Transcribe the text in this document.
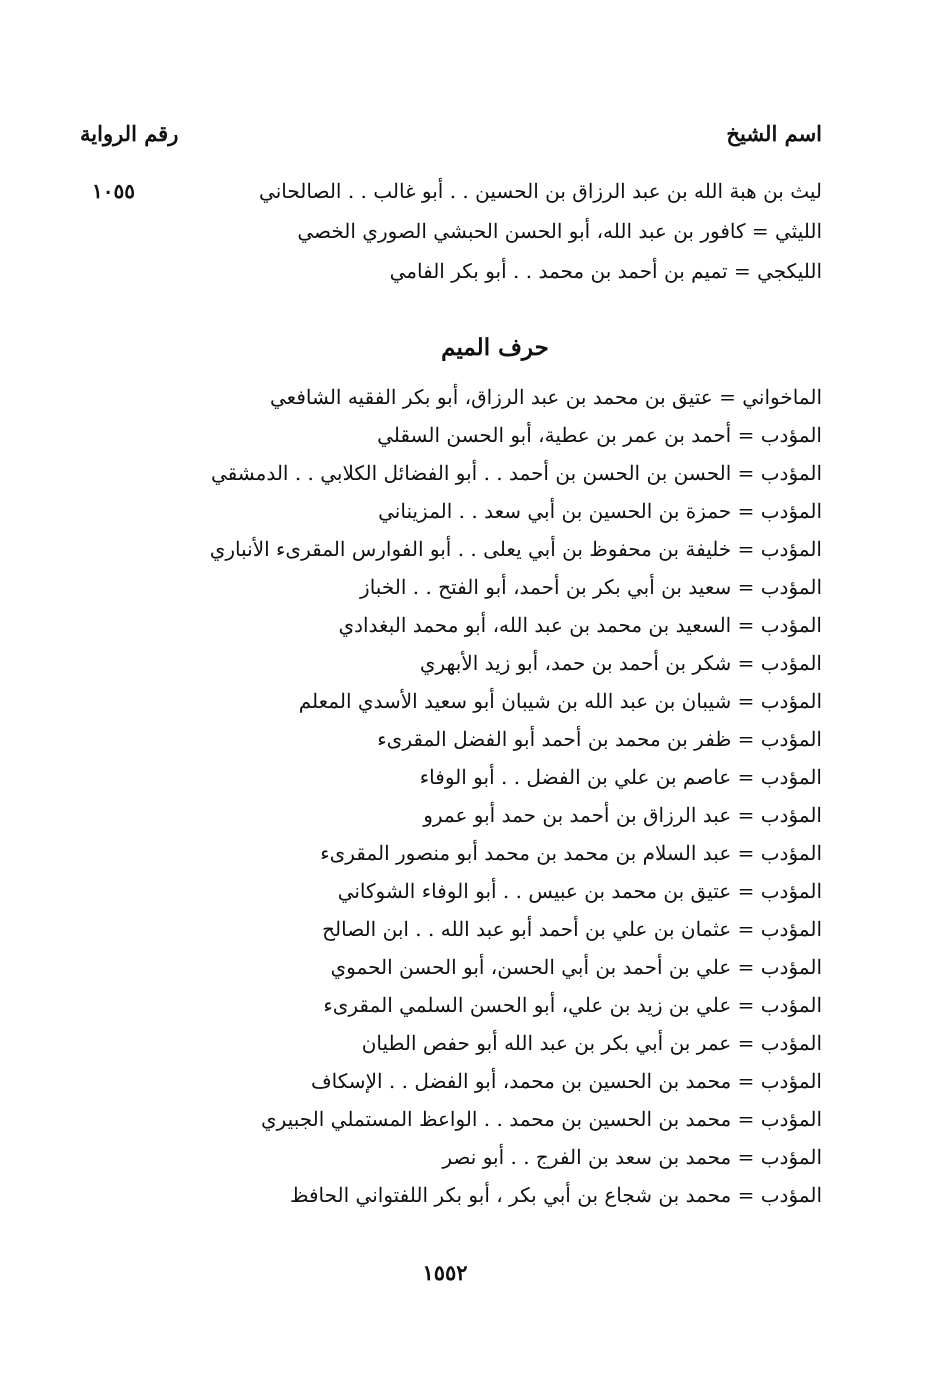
اسم الشيخ
رقم الرواية
ليث بن هبة الله بن عبد الرزاق بن الحسين . . أبو غالب . . الصالحاني
الليثي = كافور بن عبد الله، أبو الحسن الحبشي الصوري الخصي
الليكجي = تميم بن أحمد بن محمد . . أبو بكر الفامي
١٠٥٥
حرف الميم
الماخواني = عتيق بن محمد بن عبد الرزاق، أبو بكر الفقيه الشافعي
المؤدب = أحمد بن عمر بن عطية، أبو الحسن السقلي
المؤدب = الحسن بن الحسن بن أحمد . . أبو الفضائل الكلابي . . الدمشقي
المؤدب = حمزة بن الحسين بن أبي سعد . . المزيناني
المؤدب = خليفة بن محفوظ بن أبي يعلى . . أبو الفوارس المقرىء الأنباري
المؤدب = سعيد بن أبي بكر بن أحمد، أبو الفتح . . الخباز
المؤدب = السعيد بن محمد بن عبد الله، أبو محمد البغدادي
المؤدب = شكر بن أحمد بن حمد، أبو زيد الأبهري
المؤدب = شيبان بن عبد الله بن شيبان أبو سعيد الأسدي المعلم
المؤدب = ظفر بن محمد بن أحمد أبو الفضل المقرىء
المؤدب = عاصم بن علي بن الفضل . . أبو الوفاء
المؤدب = عبد الرزاق بن أحمد بن حمد أبو عمرو
المؤدب = عبد السلام بن محمد بن محمد أبو منصور المقرىء
المؤدب = عتيق بن محمد بن عبيس . . أبو الوفاء الشوكاني
المؤدب = عثمان بن علي بن أحمد أبو عبد الله . . ابن الصالح
المؤدب = علي بن أحمد بن أبي الحسن، أبو الحسن الحموي
المؤدب = علي بن زيد بن علي، أبو الحسن السلمي المقرىء
المؤدب = عمر بن أبي بكر بن عبد الله أبو حفص الطيان
المؤدب = محمد بن الحسين بن محمد، أبو الفضل . . الإسكاف
المؤدب = محمد بن الحسين بن محمد . . الواعظ المستملي الجبيري
المؤدب = محمد بن سعد بن الفرج . . أبو نصر
المؤدب = محمد بن شجاع بن أبي بكر ، أبو بكر اللفتواني الحافظ
١٥٥٢
